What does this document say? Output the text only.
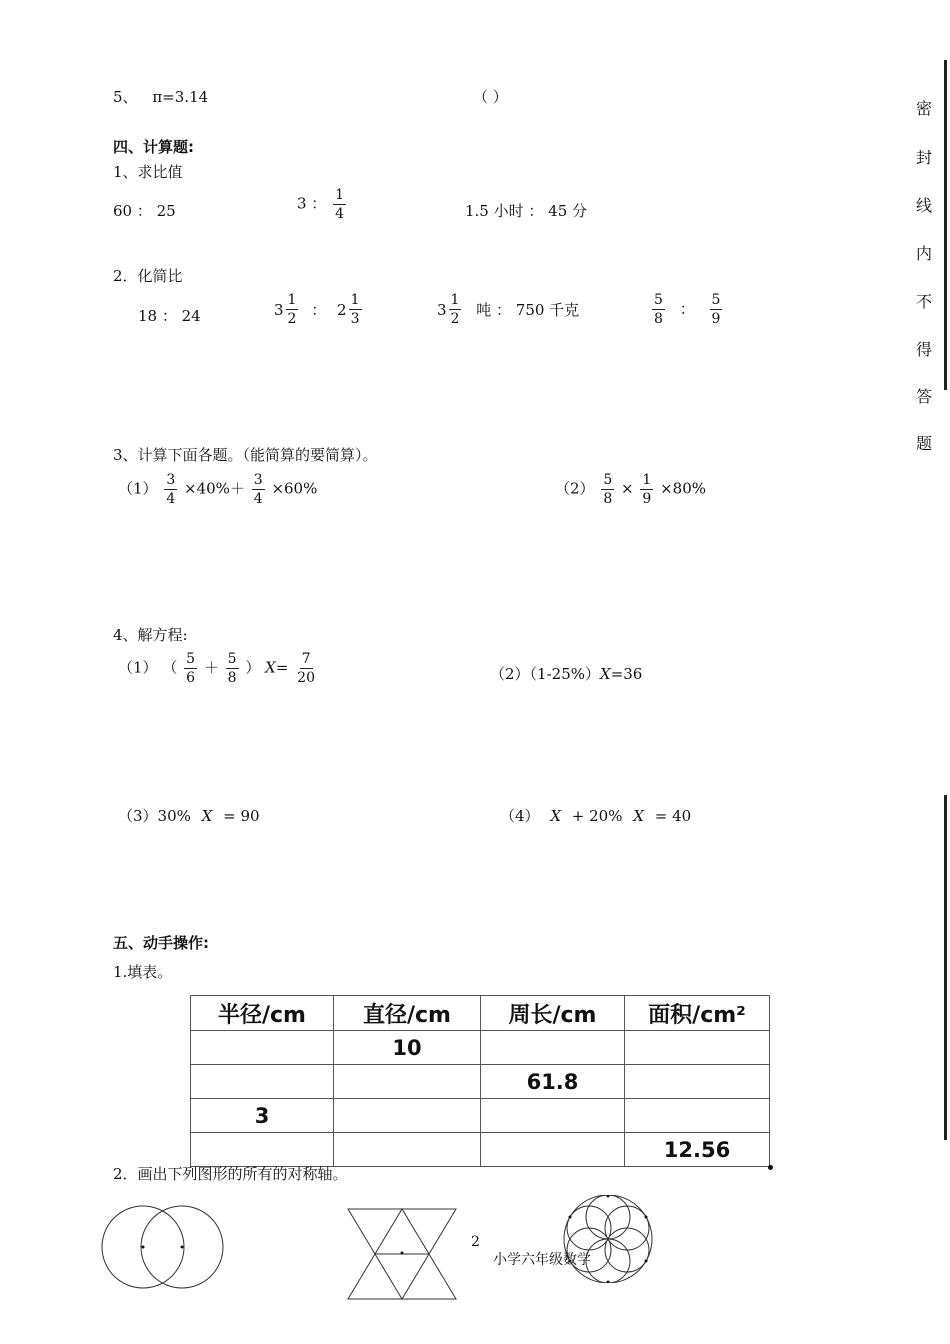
5、 π=3.14	（ ）
四、计算题:
1、求比值
60 ： 25	3 ： $\frac{1}{4}$	1.5 小时 ： 45 分
2．化简比
18 ： 24	$3 \frac{1}{2}$ ： $2 \frac{1}{3}$	$3 \frac{1}{2}$ 吨 ： 750 千克	$\frac{5}{8}$ ： $\frac{5}{9}$
3、计算下面各题。（能简算的要简算）。
$(1) \frac{3}{4} \times 40\%+ \frac{3}{4} \times 60\%$	$(2) \frac{5}{8} \times \frac{1}{9} \times 80\%$
4、解方程:
（1） （ $\frac{5}{6} + \frac{5}{8}$ ） $X= \frac{7}{20}$	（2）（1-25%）X=36
（3）30% X = 90	（4） X + 20% X = 40
五、动手操作:
1.填表。
半径/cm	直径/cm	周长/cm	面积/cm²
	10		
		61.8	
3			
			12.56
2．画出下列图形的所有的对称轴。
2
小学六年级数学
密
封
线
内
不
得
答
题
